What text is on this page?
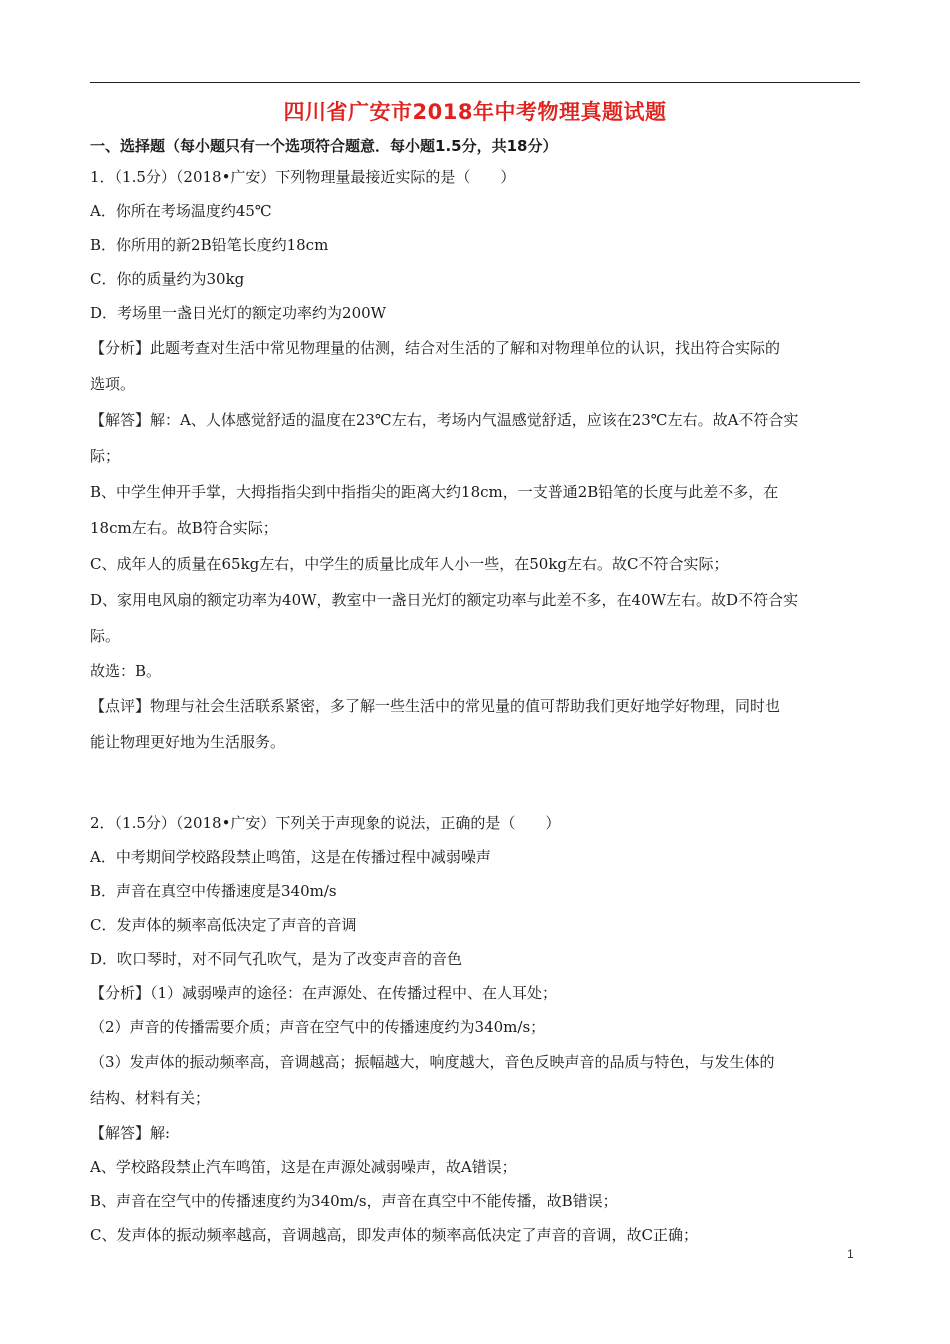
四川省广安市2018年中考物理真题试题
一、选择题（每小题只有一个选项符合题意．每小题1.5分，共18分）
1．（1.5分）（2018•广安）下列物理量最接近实际的是（　　）
A．你所在考场温度约45℃
B．你所用的新2B铅笔长度约18cm
C．你的质量约为30kg
D．考场里一盏日光灯的额定功率约为200W
【分析】此题考查对生活中常见物理量的估测，结合对生活的了解和对物理单位的认识，找出符合实际的
选项。
【解答】解：A、人体感觉舒适的温度在23℃左右，考场内气温感觉舒适，应该在23℃左右。故A不符合实
际；
B、中学生伸开手掌，大拇指指尖到中指指尖的距离大约18cm，一支普通2B铅笔的长度与此差不多，在
18cm左右。故B符合实际；
C、成年人的质量在65kg左右，中学生的质量比成年人小一些，在50kg左右。故C不符合实际；
D、家用电风扇的额定功率为40W，教室中一盏日光灯的额定功率与此差不多，在40W左右。故D不符合实
际。
故选：B。
【点评】物理与社会生活联系紧密，多了解一些生活中的常见量的值可帮助我们更好地学好物理，同时也
能让物理更好地为生活服务。
2．（1.5分）（2018•广安）下列关于声现象的说法，正确的是（　　）
A．中考期间学校路段禁止鸣笛，这是在传播过程中减弱噪声
B．声音在真空中传播速度是340m/s
C．发声体的频率高低决定了声音的音调
D．吹口琴时，对不同气孔吹气，是为了改变声音的音色
【分析】（1）减弱噪声的途径：在声源处、在传播过程中、在人耳处；
（2）声音的传播需要介质；声音在空气中的传播速度约为340m/s；
（3）发声体的振动频率高，音调越高；振幅越大，响度越大，音色反映声音的品质与特色，与发生体的
结构、材料有关；
【解答】解:
A、学校路段禁止汽车鸣笛，这是在声源处减弱噪声，故A错误；
B、声音在空气中的传播速度约为340m/s，声音在真空中不能传播，故B错误；
C、发声体的振动频率越高，音调越高，即发声体的频率高低决定了声音的音调，故C正确；
1
